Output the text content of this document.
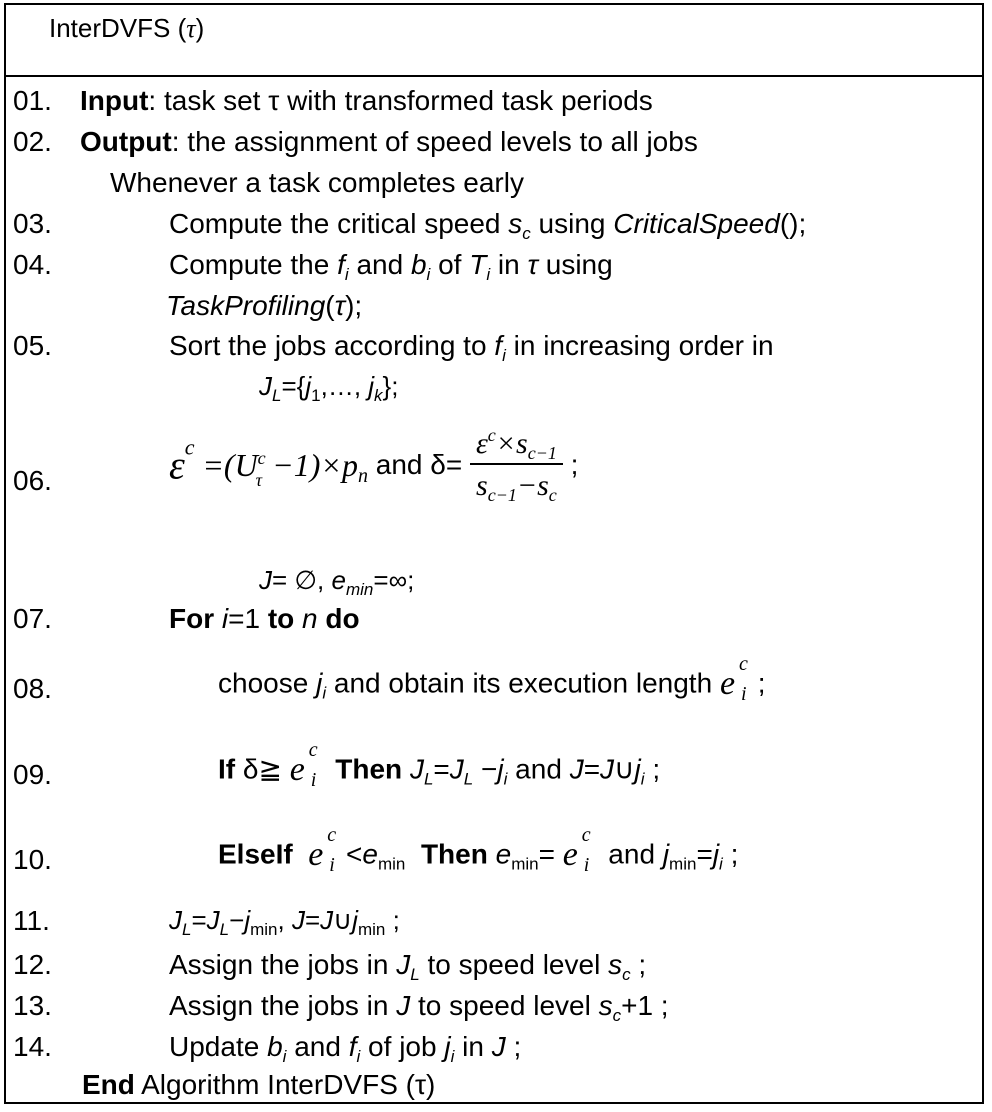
InterDVFS (τ)
01.
02.
03.
04.
05.
06.
07.
08.
09.
10.
11.
12.
13.
14.
Input: task set τ with transformed task periods
Output: the assignment of speed levels to all jobs
Whenever a task completes early
Compute the critical speed $s_c$ using CriticalSpeed();
Compute the $f_i$ and $b_i$ of $T_i$ in τ using
TaskProfiling(τ);
Sort the jobs according to $f_i$ in increasing order in
$J_L=\{j_1,\dots$, $j_k$};
$\varepsilon^c =(U^c_\tau -1)\times p_n$ and $\delta= \frac{\varepsilon^c\times s_{c-1}}{s_{c-1}-s_c}$ ;
J= ∅, $e_{min}=\infty$;
For i=1 to n do
choose $j_i$ and obtain its execution length e
c
i ;
If δ≧ e
c
i Then $J_L=J_L -j_i$ and $J=J\cup j_i$ ;
ElseIf e
c
$i <e_{min}$ Then $e_{min}= e$
c
i and $j_{min}=j_i$ ;
$J_L=J_L-j_{min}$, $J=J\cup j_{min}$ ;
Assign the jobs in $J_L$ to speed level $s_c$ ;
Assign the jobs in J to speed level $s_c+1$ ;
Update $b_i$ and $f_i$ of job $j_i$ in J ;
End Algorithm InterDVFS (τ)
